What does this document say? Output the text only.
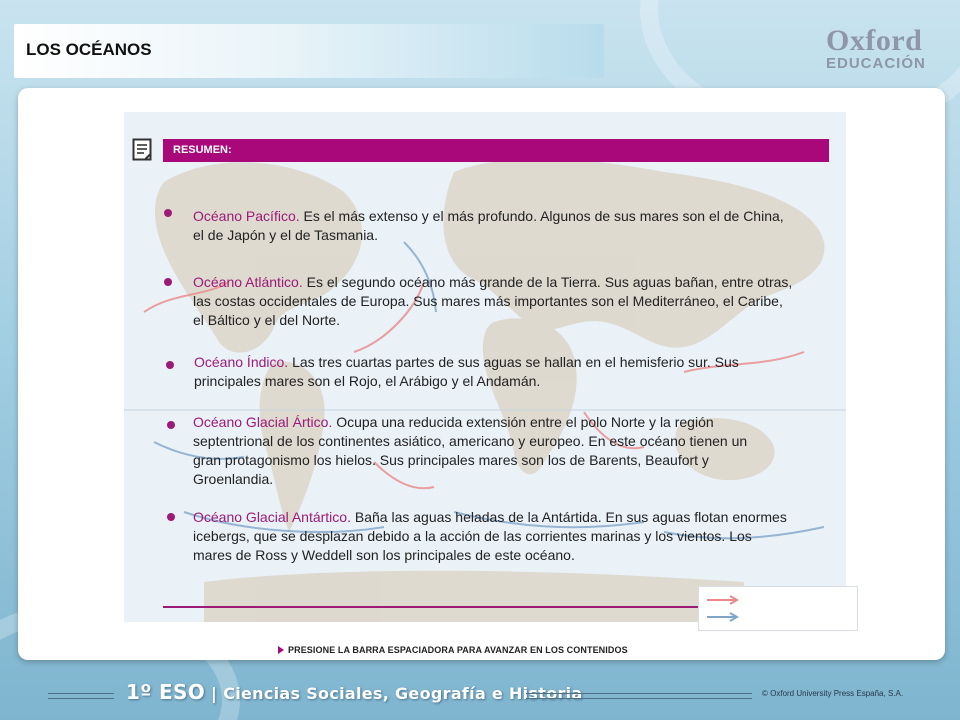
LOS OCÉANOS	Oxford
EDUCACIÓN
RESUMEN:
Océano Pacífico. Es el más extenso y el más profundo. Algunos de sus mares son el de China, el de Japón y el de Tasmania.
Océano Atlántico. Es el segundo océano más grande de la Tierra. Sus aguas bañan, entre otras, las costas occidentales de Europa. Sus mares más importantes son el Mediterráneo, el Caribe, el Báltico y el del Norte.
Océano Índico. Las tres cuartas partes de sus aguas se hallan en el hemisferio sur. Sus principales mares son el Rojo, el Arábigo y el Andamán.
Océano Glacial Ártico. Ocupa una reducida extensión entre el polo Norte y la región septentrional de los continentes asiático, americano y europeo. En este océano tienen un gran protagonismo los hielos. Sus principales mares son los de Barents, Beaufort y Groenlandia.
Océano Glacial Antártico. Baña las aguas heladas de la Antártida. En sus aguas flotan enormes icebergs, que se desplazan debido a la acción de las corrientes marinas y los vientos. Los mares de Ross y Weddell son los principales de este océano.
PRESIONE LA BARRA ESPACIADORA PARA AVANZAR EN LOS CONTENIDOS
1º ESO | Ciencias Sociales, Geografía e Historia	© Oxford University Press España, S.A.
